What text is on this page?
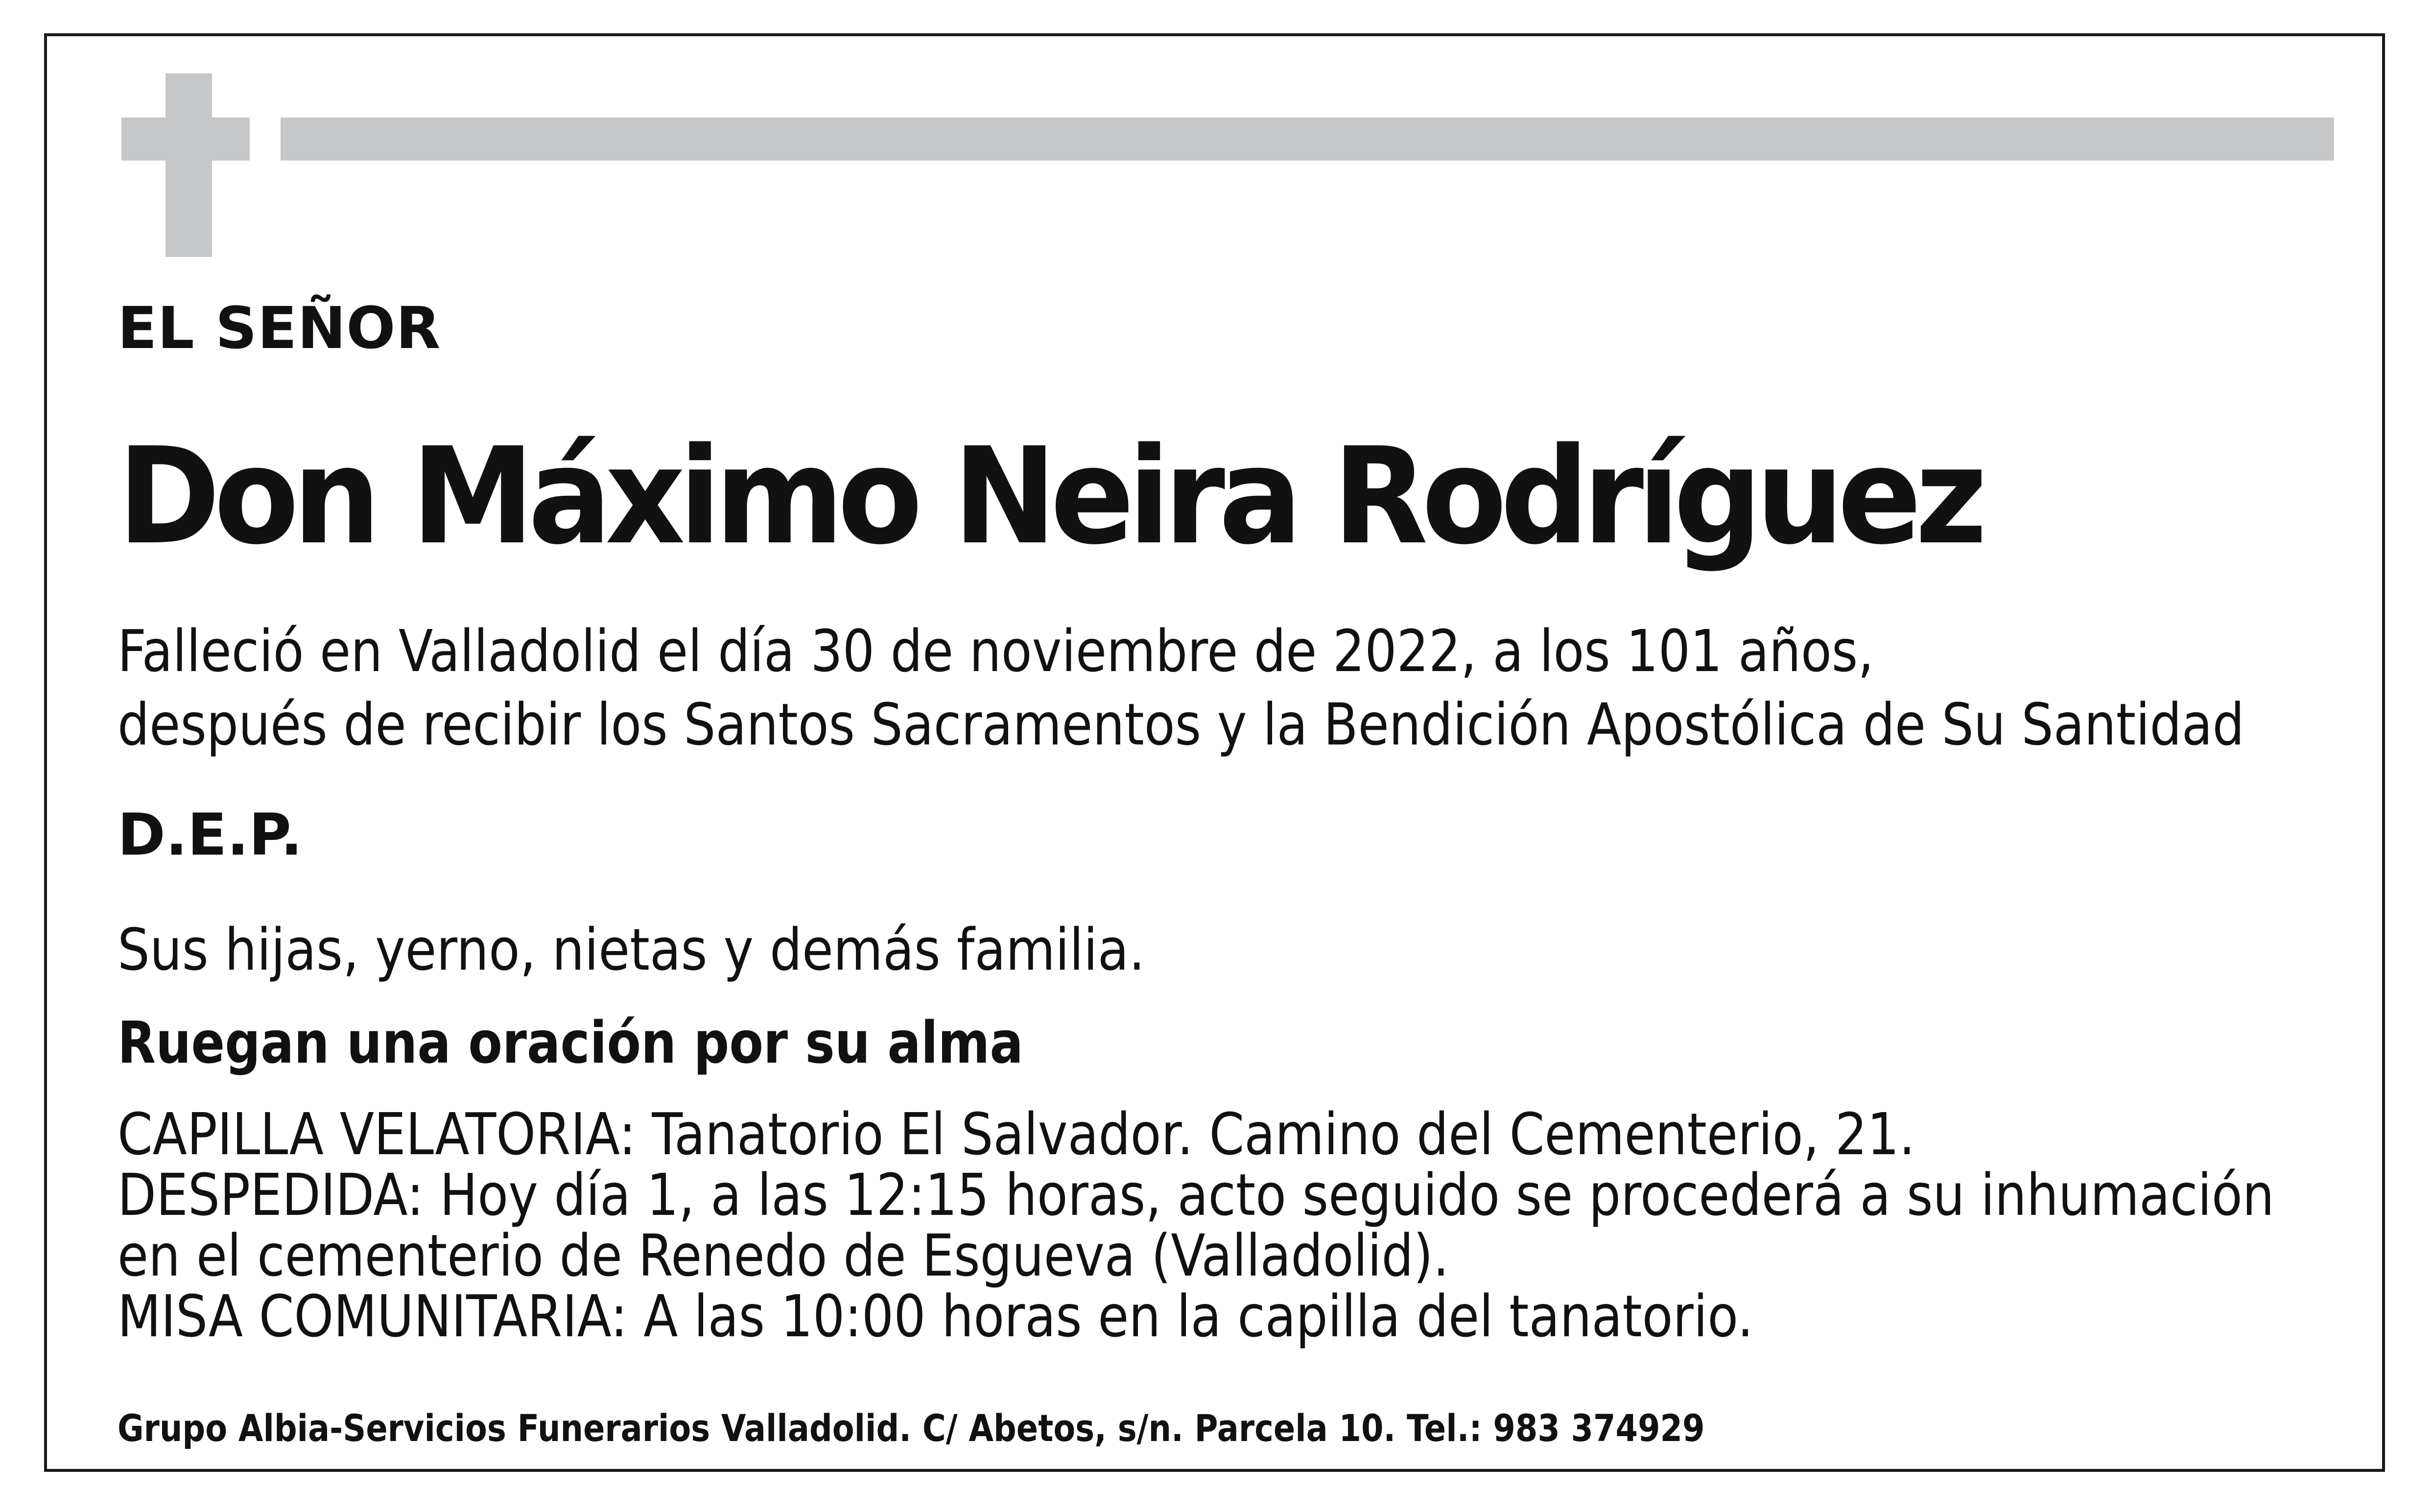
EL SEÑOR

Don Máximo Neira Rodríguez

Falleció en Valladolid el día 30 de noviembre de 2022, a los 101 años,
después de recibir los Santos Sacramentos y la Bendición Apostólica de Su Santidad

D.E.P.

Sus hijas, yerno, nietas y demás familia.

Ruegan una oración por su alma

CAPILLA VELATORIA: Tanatorio El Salvador. Camino del Cementerio, 21.
DESPEDIDA: Hoy día 1, a las 12:15 horas, acto seguido se procederá a su inhumación
en el cementerio de Renedo de Esgueva (Valladolid).
MISA COMUNITARIA: A las 10:00 horas en la capilla del tanatorio.

Grupo Albia-Servicios Funerarios Valladolid. C/ Abetos, s/n. Parcela 10. Tel.: 983 374929
